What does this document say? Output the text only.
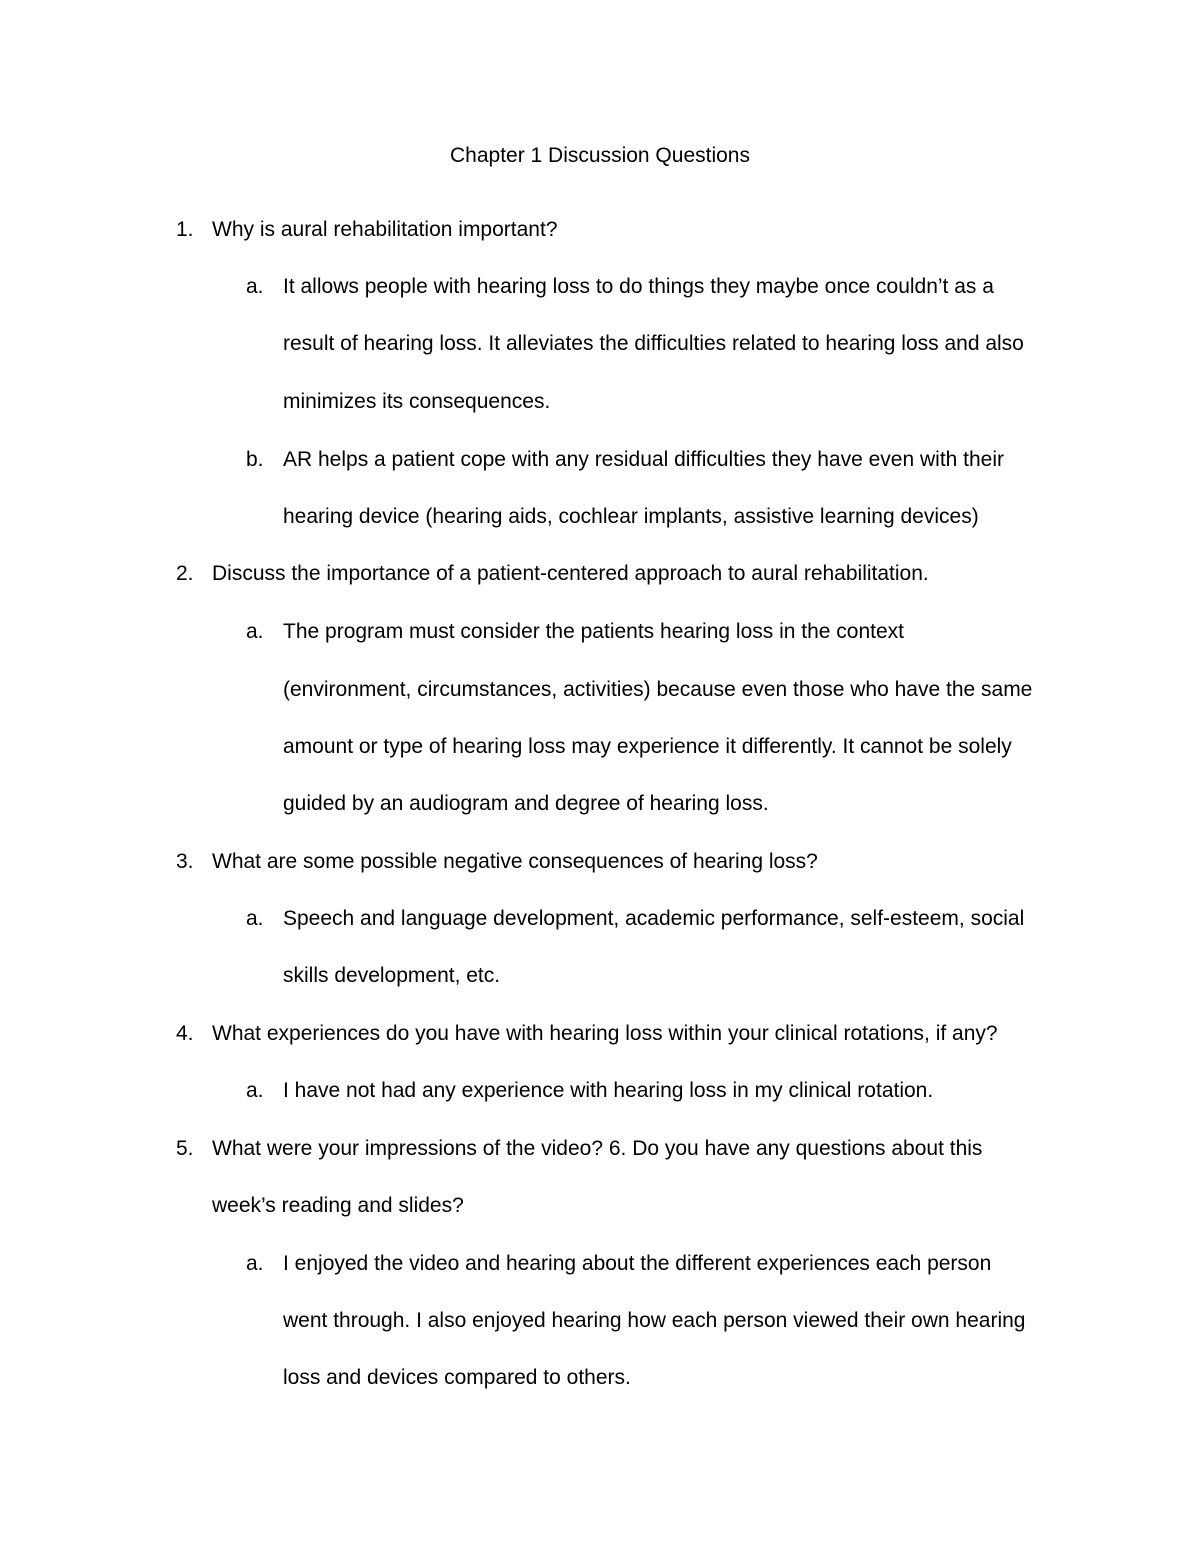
Chapter 1 Discussion Questions
1. Why is aural rehabilitation important?
a. It allows people with hearing loss to do things they maybe once couldn’t as a
result of hearing loss. It alleviates the difficulties related to hearing loss and also
minimizes its consequences.
b. AR helps a patient cope with any residual difficulties they have even with their
hearing device (hearing aids, cochlear implants, assistive learning devices)
2. Discuss the importance of a patient-centered approach to aural rehabilitation.
a. The program must consider the patients hearing loss in the context
(environment, circumstances, activities) because even those who have the same
amount or type of hearing loss may experience it differently. It cannot be solely
guided by an audiogram and degree of hearing loss.
3. What are some possible negative consequences of hearing loss?
a. Speech and language development, academic performance, self-esteem, social
skills development, etc.
4. What experiences do you have with hearing loss within your clinical rotations, if any?
a. I have not had any experience with hearing loss in my clinical rotation.
5. What were your impressions of the video? 6. Do you have any questions about this
week’s reading and slides?
a. I enjoyed the video and hearing about the different experiences each person
went through. I also enjoyed hearing how each person viewed their own hearing
loss and devices compared to others.
